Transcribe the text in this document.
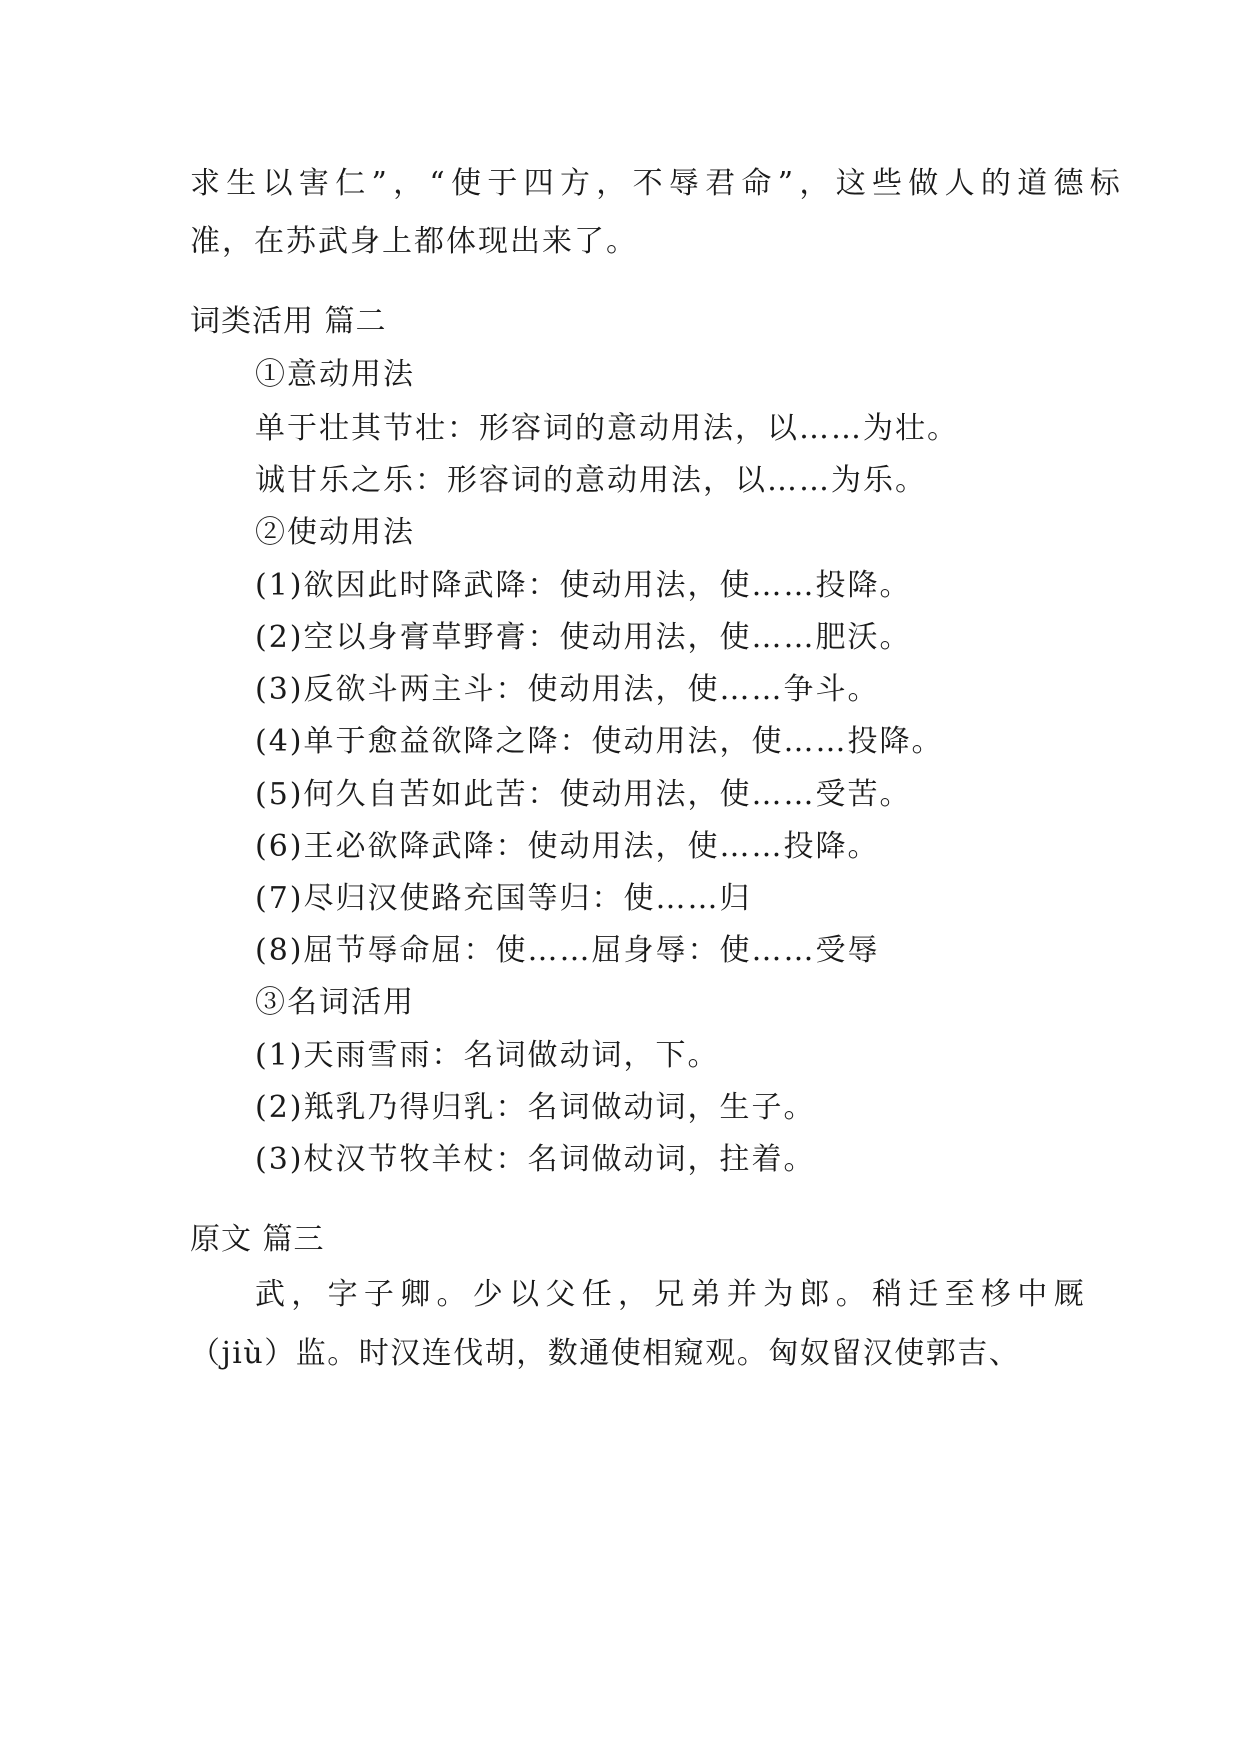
求生以害仁”，“使于四方，不辱君命”，这些做人的道德标
准，在苏武身上都体现出来了。
词类活用 篇二
①意动用法
单于壮其节壮：形容词的意动用法，以……为壮。
诚甘乐之乐：形容词的意动用法，以……为乐。
②使动用法
(1)欲因此时降武降：使动用法，使……投降。
(2)空以身膏草野膏：使动用法，使……肥沃。
(3)反欲斗两主斗：使动用法，使……争斗。
(4)单于愈益欲降之降：使动用法，使……投降。
(5)何久自苦如此苦：使动用法，使……受苦。
(6)王必欲降武降：使动用法，使……投降。
(7)尽归汉使路充国等归：使……归
(8)屈节辱命屈：使……屈身辱：使……受辱
③名词活用
(1)天雨雪雨：名词做动词，下。
(2)羝乳乃得归乳：名词做动词，生子。
(3)杖汉节牧羊杖：名词做动词，拄着。
原文 篇三
武，字子卿。少以父任，兄弟并为郎。稍迁至栘中厩
（jiù）监。时汉连伐胡，数通使相窥观。匈奴留汉使郭吉、
